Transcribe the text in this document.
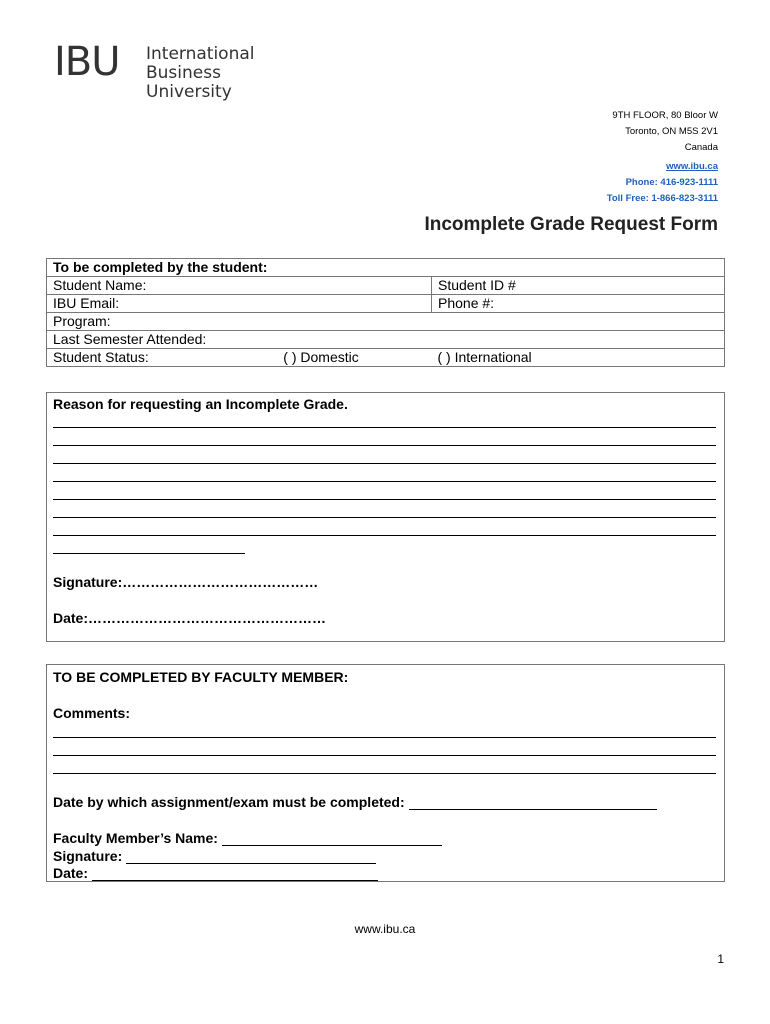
IBU International
Business
University
9TH FLOOR, 80 Bloor W
Toronto, ON M5S 2V1
Canada
www.ibu.ca
Phone: 416-923-1111
Toll Free: 1-866-823-3111
Incomplete Grade Request Form
To be completed by the student:		
Student Name:		Student ID #
IBU Email:		Phone #:
Program:		
Last Semester Attended:		
Student Status:	( ) Domestic	( ) International
Reason for requesting an Incomplete Grade.
Signature:……………………………………
Date:……………………………………………
TO BE COMPLETED BY FACULTY MEMBER:
Comments:
Date by which assignment/exam must be completed:
Faculty Member’s Name:
Signature:
Date:
www.ibu.ca
1
